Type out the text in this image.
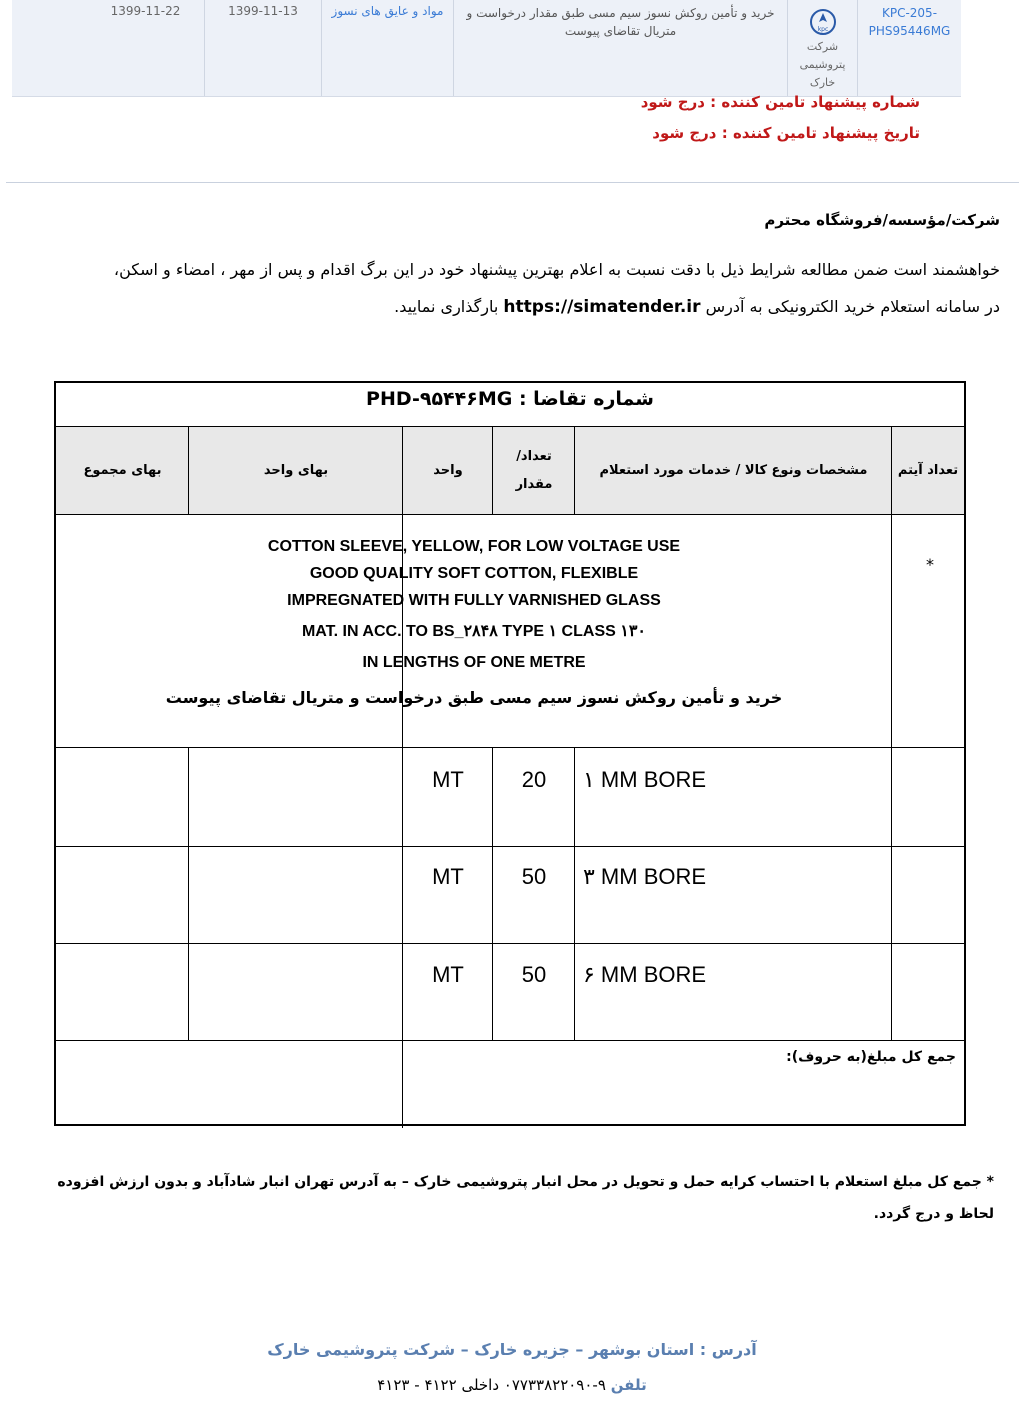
KPC-205-PHS95446MG
kpc
شرکت پتروشیمی خارک
خرید و تأمین روکش نسوز سیم مسی طبق مقدار درخواست و متریال تقاضای پیوست
مواد و عایق های نسوز
1399-11-13
1399-11-22
شماره پیشنهاد تامین کننده : درج شود
تاریخ پیشنهاد تامین کننده : درج شود
شرکت/مؤسسه/فروشگاه محترم
خواهشمند است ضمن مطالعه شرایط ذیل با دقت نسبت به اعلام بهترین پیشنهاد خود در این برگ اقدام و پس از مهر ، امضاء و اسکن،
در سامانه استعلام خرید الکترونیکی به آدرس https://simatender.ir بارگذاری نمایید.
شماره تقاضا : PHD-۹۵۴۴۶MG
تعداد آیتم
مشخصات ونوع کالا / خدمات مورد استعلام
تعداد/ مقدار
واحد
بهای واحد
بهای مجموع
*
COTTON SLEEVE, YELLOW, FOR LOW VOLTAGE USE
GOOD QUALITY SOFT COTTON, FLEXIBLE
IMPREGNATED WITH FULLY VARNISHED GLASS
MAT. IN ACC. TO BS_۲۸۴۸ TYPE ۱ CLASS ۱۳۰
IN LENGTHS OF ONE METRE
خرید و تأمین روکش نسوز سیم مسی طبق درخواست و متریال تقاضای پیوست
۱ MM BORE
20
MT
۳ MM BORE
50
MT
۶ MM BORE
50
MT
جمع کل مبلغ(به حروف):
* جمع کل مبلغ استعلام با احتساب کرایه حمل و تحویل در محل انبار پتروشیمی خارک – به آدرس تهران انبار شادآباد و بدون ارزش افزوده لحاظ و درج گردد.
آدرس : استان بوشهر – جزیره خارک – شرکت پتروشیمی خارک
تلفن ۹-۰۷۷۳۳۸۲۲۰۹۰ داخلی ۴۱۲۲ - ۴۱۲۳
